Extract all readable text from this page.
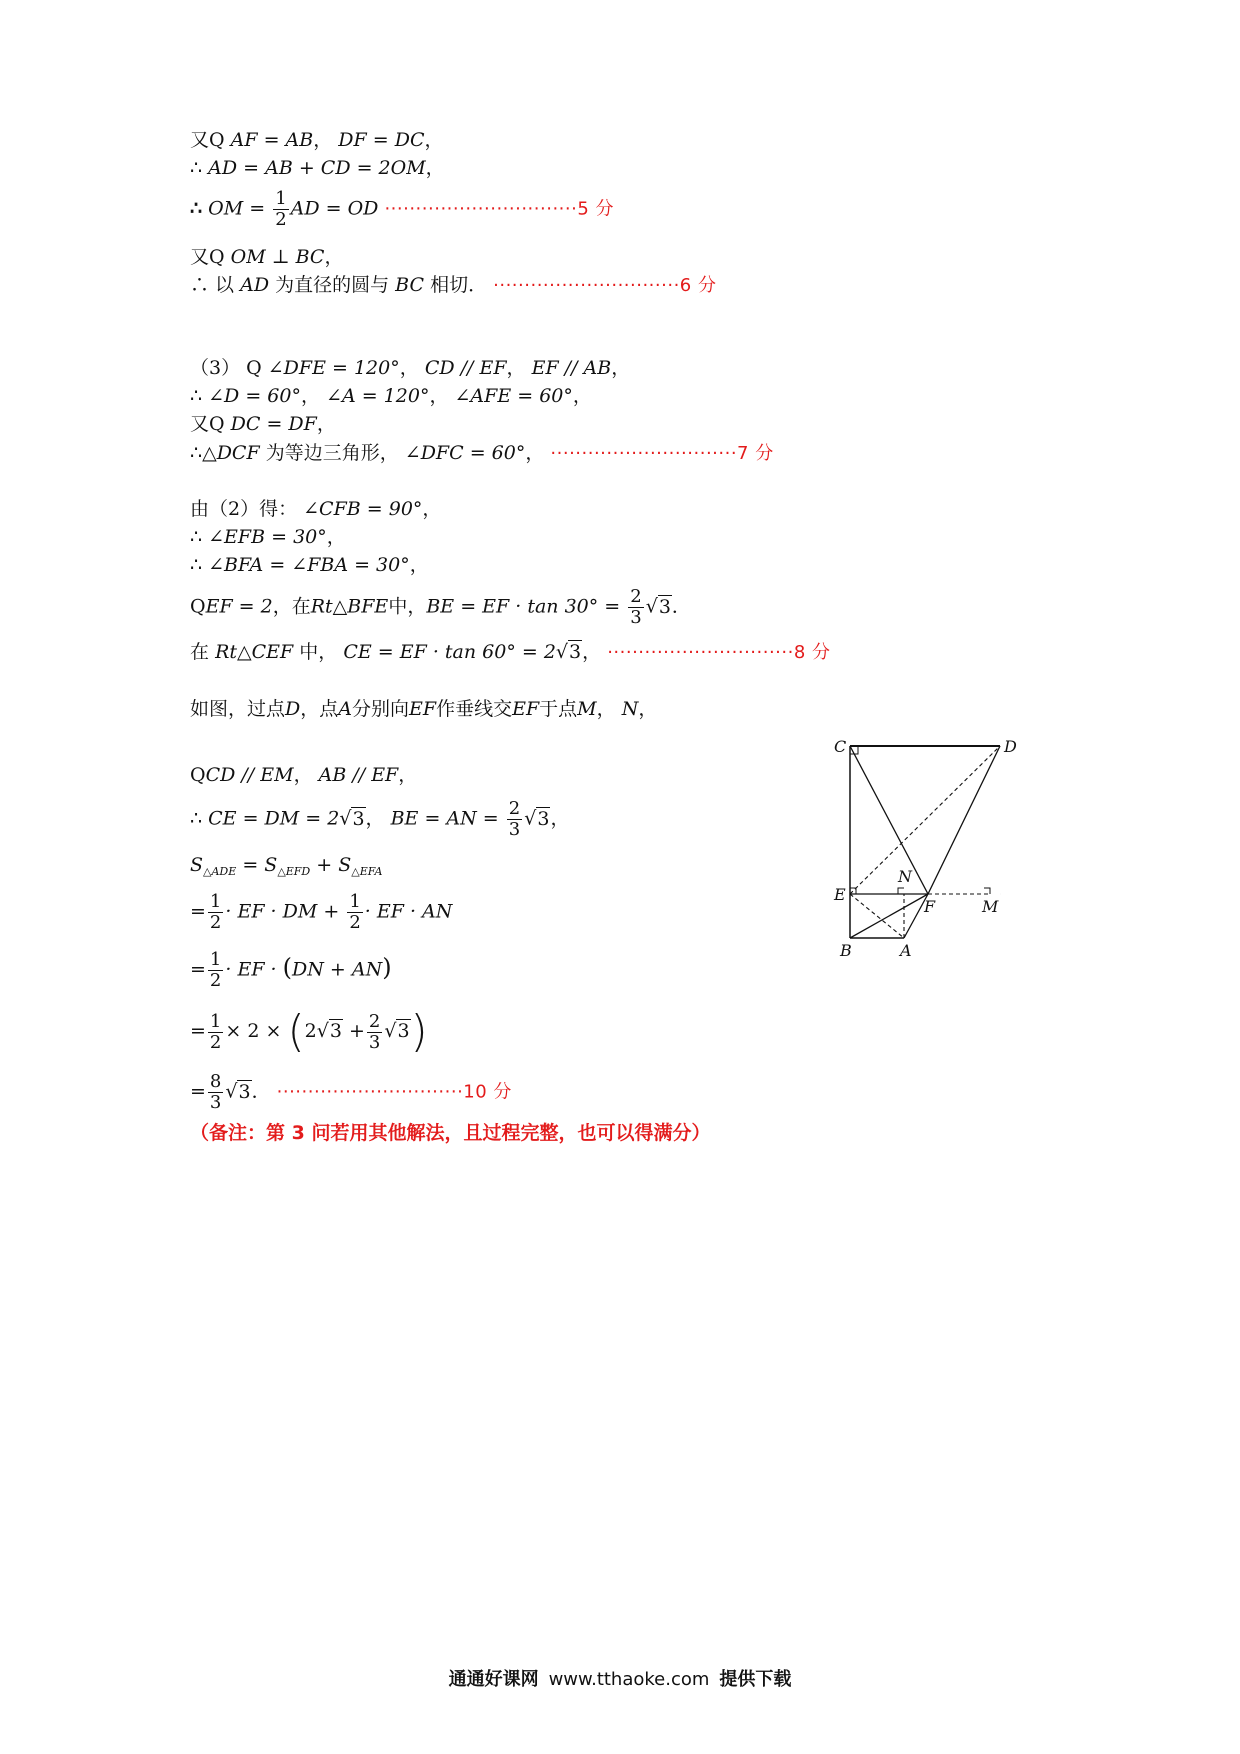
又Q AF = AB， DF = DC，
∴ AD = AB + CD = 2OM，
∴ OM = $\frac{1}{2}$ AD = OD ·······························5 分
又Q OM ⊥ BC，
∴ 以 AD 为直径的圆与 BC 相切． ······························6 分
（3） Q ∠DFE = 120°， CD // EF， EF // AB，
∴ ∠D = 60°， ∠A = 120°， ∠AFE = 60°，
又Q DC = DF，
∴△DCF 为等边三角形， ∠DFC = 60°， ······························7 分
由（2）得： ∠CFB = 90°，
∴ ∠EFB = 30°，
∴ ∠BFA = ∠FBA = 30°，
QEF = 2，在Rt△BFE中，BE = EF · $\tan 30^\circ = \frac{2}{3} √3$．
在 Rt△CEF 中， CE = EF · tan 60° = 2√3， ······························8 分
如图，过点D，点A分别向EF作垂线交EF于点M， N，
QCD // EM， AB // EF，
∴ CE = DM = 2√3， BE = AN = $\frac{2}{3} √3$，
$S_{\triangle ADE} = S_{\triangle EFD} + S_{\triangle EFA}$
= $\frac{1}{2}$ · EF · DM + $\frac{1}{2}$ · EF · AN
= $\frac{1}{2}$ · EF · (DN + AN)
= $\frac{1}{2} \times 2 \times (2√3 + \frac{2}{3} √3)$
= $\frac{8}{3} √3$． ······························10 分
（备注：第 3 问若用其他解法，且过程完整，也可以得满分）
C	D
E
N
F	M
B	A
通通好课网 www.tthaoke.com 提供下载
